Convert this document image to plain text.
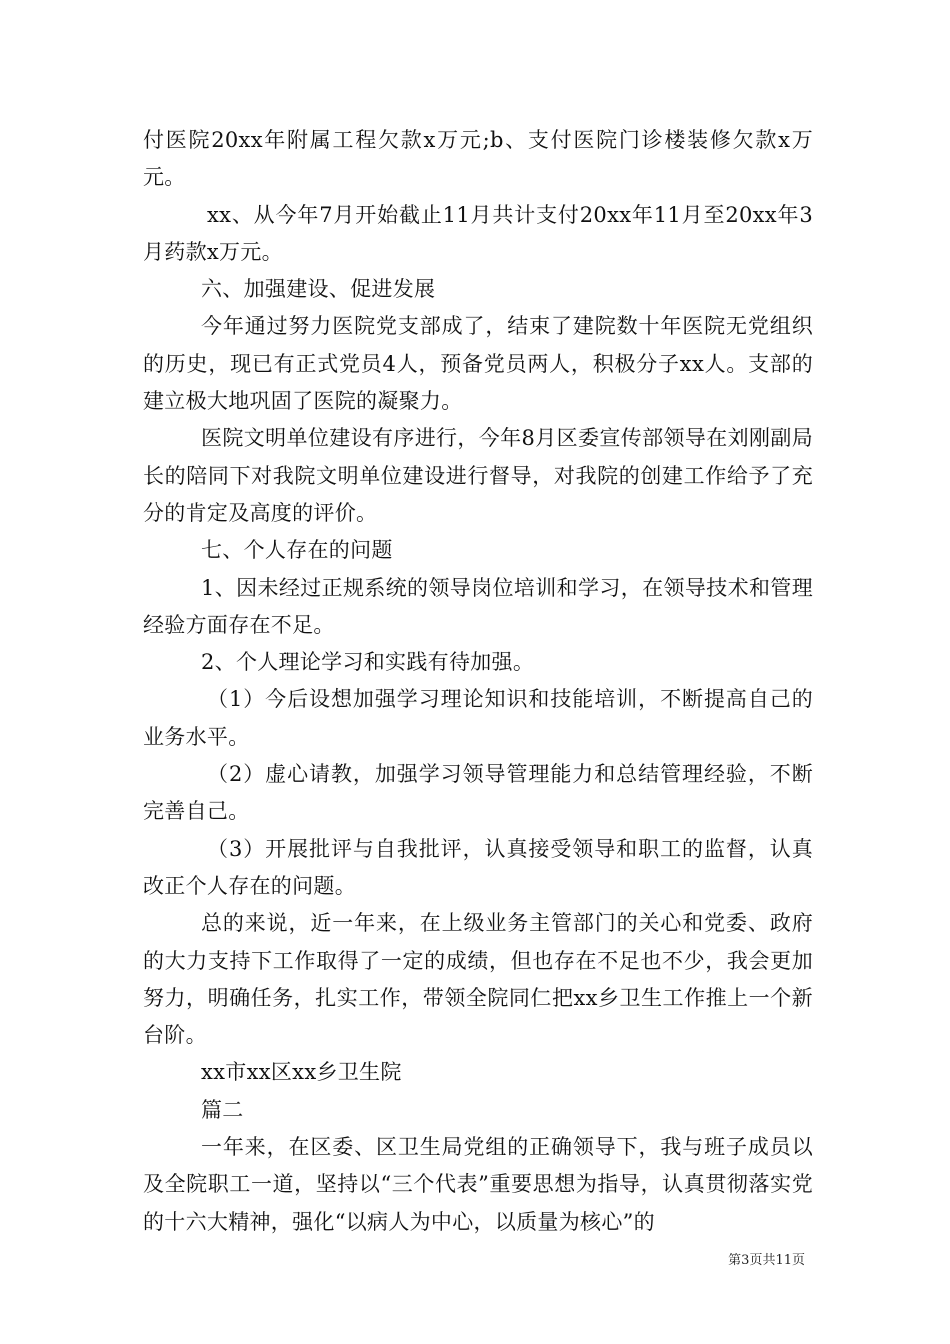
付医院20xx年附属工程欠款x万元;b、支付医院门诊楼装修欠款x万元。

xx、从今年7月开始截止11月共计支付20xx年11月至20xx年3月药款x万元。

六、加强建设、促进发展

今年通过努力医院党支部成了，结束了建院数十年医院无党组织的历史，现已有正式党员4人，预备党员两人，积极分子xx人。支部的建立极大地巩固了医院的凝聚力。

医院文明单位建设有序进行，今年8月区委宣传部领导在刘刚副局长的陪同下对我院文明单位建设进行督导，对我院的创建工作给予了充分的肯定及高度的评价。

七、个人存在的问题

1、因未经过正规系统的领导岗位培训和学习，在领导技术和管理经验方面存在不足。

2、个人理论学习和实践有待加强。

（1）今后设想加强学习理论知识和技能培训，不断提高自己的业务水平。

（2）虚心请教，加强学习领导管理能力和总结管理经验，不断完善自己。

（3）开展批评与自我批评，认真接受领导和职工的监督，认真改正个人存在的问题。

总的来说，近一年来，在上级业务主管部门的关心和党委、政府的大力支持下工作取得了一定的成绩，但也存在不足也不少，我会更加努力，明确任务，扎实工作，带领全院同仁把xx乡卫生工作推上一个新台阶。

xx市xx区xx乡卫生院

篇二

一年来，在区委、区卫生局党组的正确领导下，我与班子成员以及全院职工一道，坚持以“三个代表”重要思想为指导，认真贯彻落实党的十六大精神，强化“以病人为中心，以质量为核心”的

第3页共11页
